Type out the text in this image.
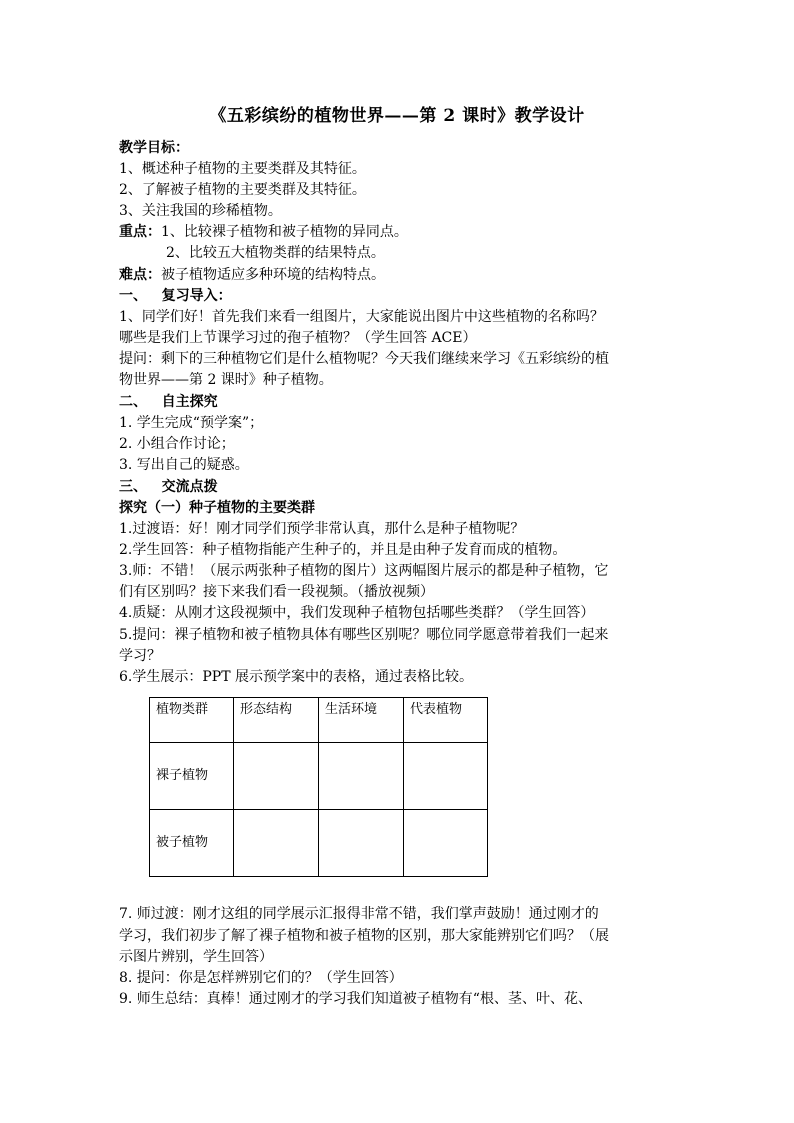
《五彩缤纷的植物世界——第 2 课时》教学设计
教学目标：
1、概述种子植物的主要类群及其特征。
2、了解被子植物的主要类群及其特征。
3、关注我国的珍稀植物。
重点：1、比较裸子植物和被子植物的异同点。
2、比较五大植物类群的结果特点。
难点：被子植物适应多种环境的结构特点。
一、   复习导入：
1、同学们好！首先我们来看一组图片，大家能说出图片中这些植物的名称吗？
哪些是我们上节课学习过的孢子植物？（学生回答 ACE）
提问：剩下的三种植物它们是什么植物呢？今天我们继续来学习《五彩缤纷的植
物世界——第 2 课时》种子植物。
二、   自主探究
1. 学生完成“预学案”；
2. 小组合作讨论；
3. 写出自己的疑惑。
三、   交流点拨
探究（一）种子植物的主要类群
1.过渡语：好！刚才同学们预学非常认真，那什么是种子植物呢？
2.学生回答：种子植物指能产生种子的，并且是由种子发育而成的植物。
3.师：不错！（展示两张种子植物的图片）这两幅图片展示的都是种子植物，它
们有区别吗？接下来我们看一段视频。（播放视频）
4.质疑：从刚才这段视频中，我们发现种子植物包括哪些类群？（学生回答）
5.提问：裸子植物和被子植物具体有哪些区别呢？哪位同学愿意带着我们一起来
学习？
6.学生展示：PPT 展示预学案中的表格，通过表格比较。
植物类群	形态结构	生活环境	代表植物
裸子植物			
被子植物			
7. 师过渡：刚才这组的同学展示汇报得非常不错，我们掌声鼓励！通过刚才的
学习，我们初步了解了裸子植物和被子植物的区别，那大家能辨别它们吗？（展
示图片辨别，学生回答）
8. 提问：你是怎样辨别它们的？（学生回答）
9. 师生总结：真棒！通过刚才的学习我们知道被子植物有“根、茎、叶、花、
